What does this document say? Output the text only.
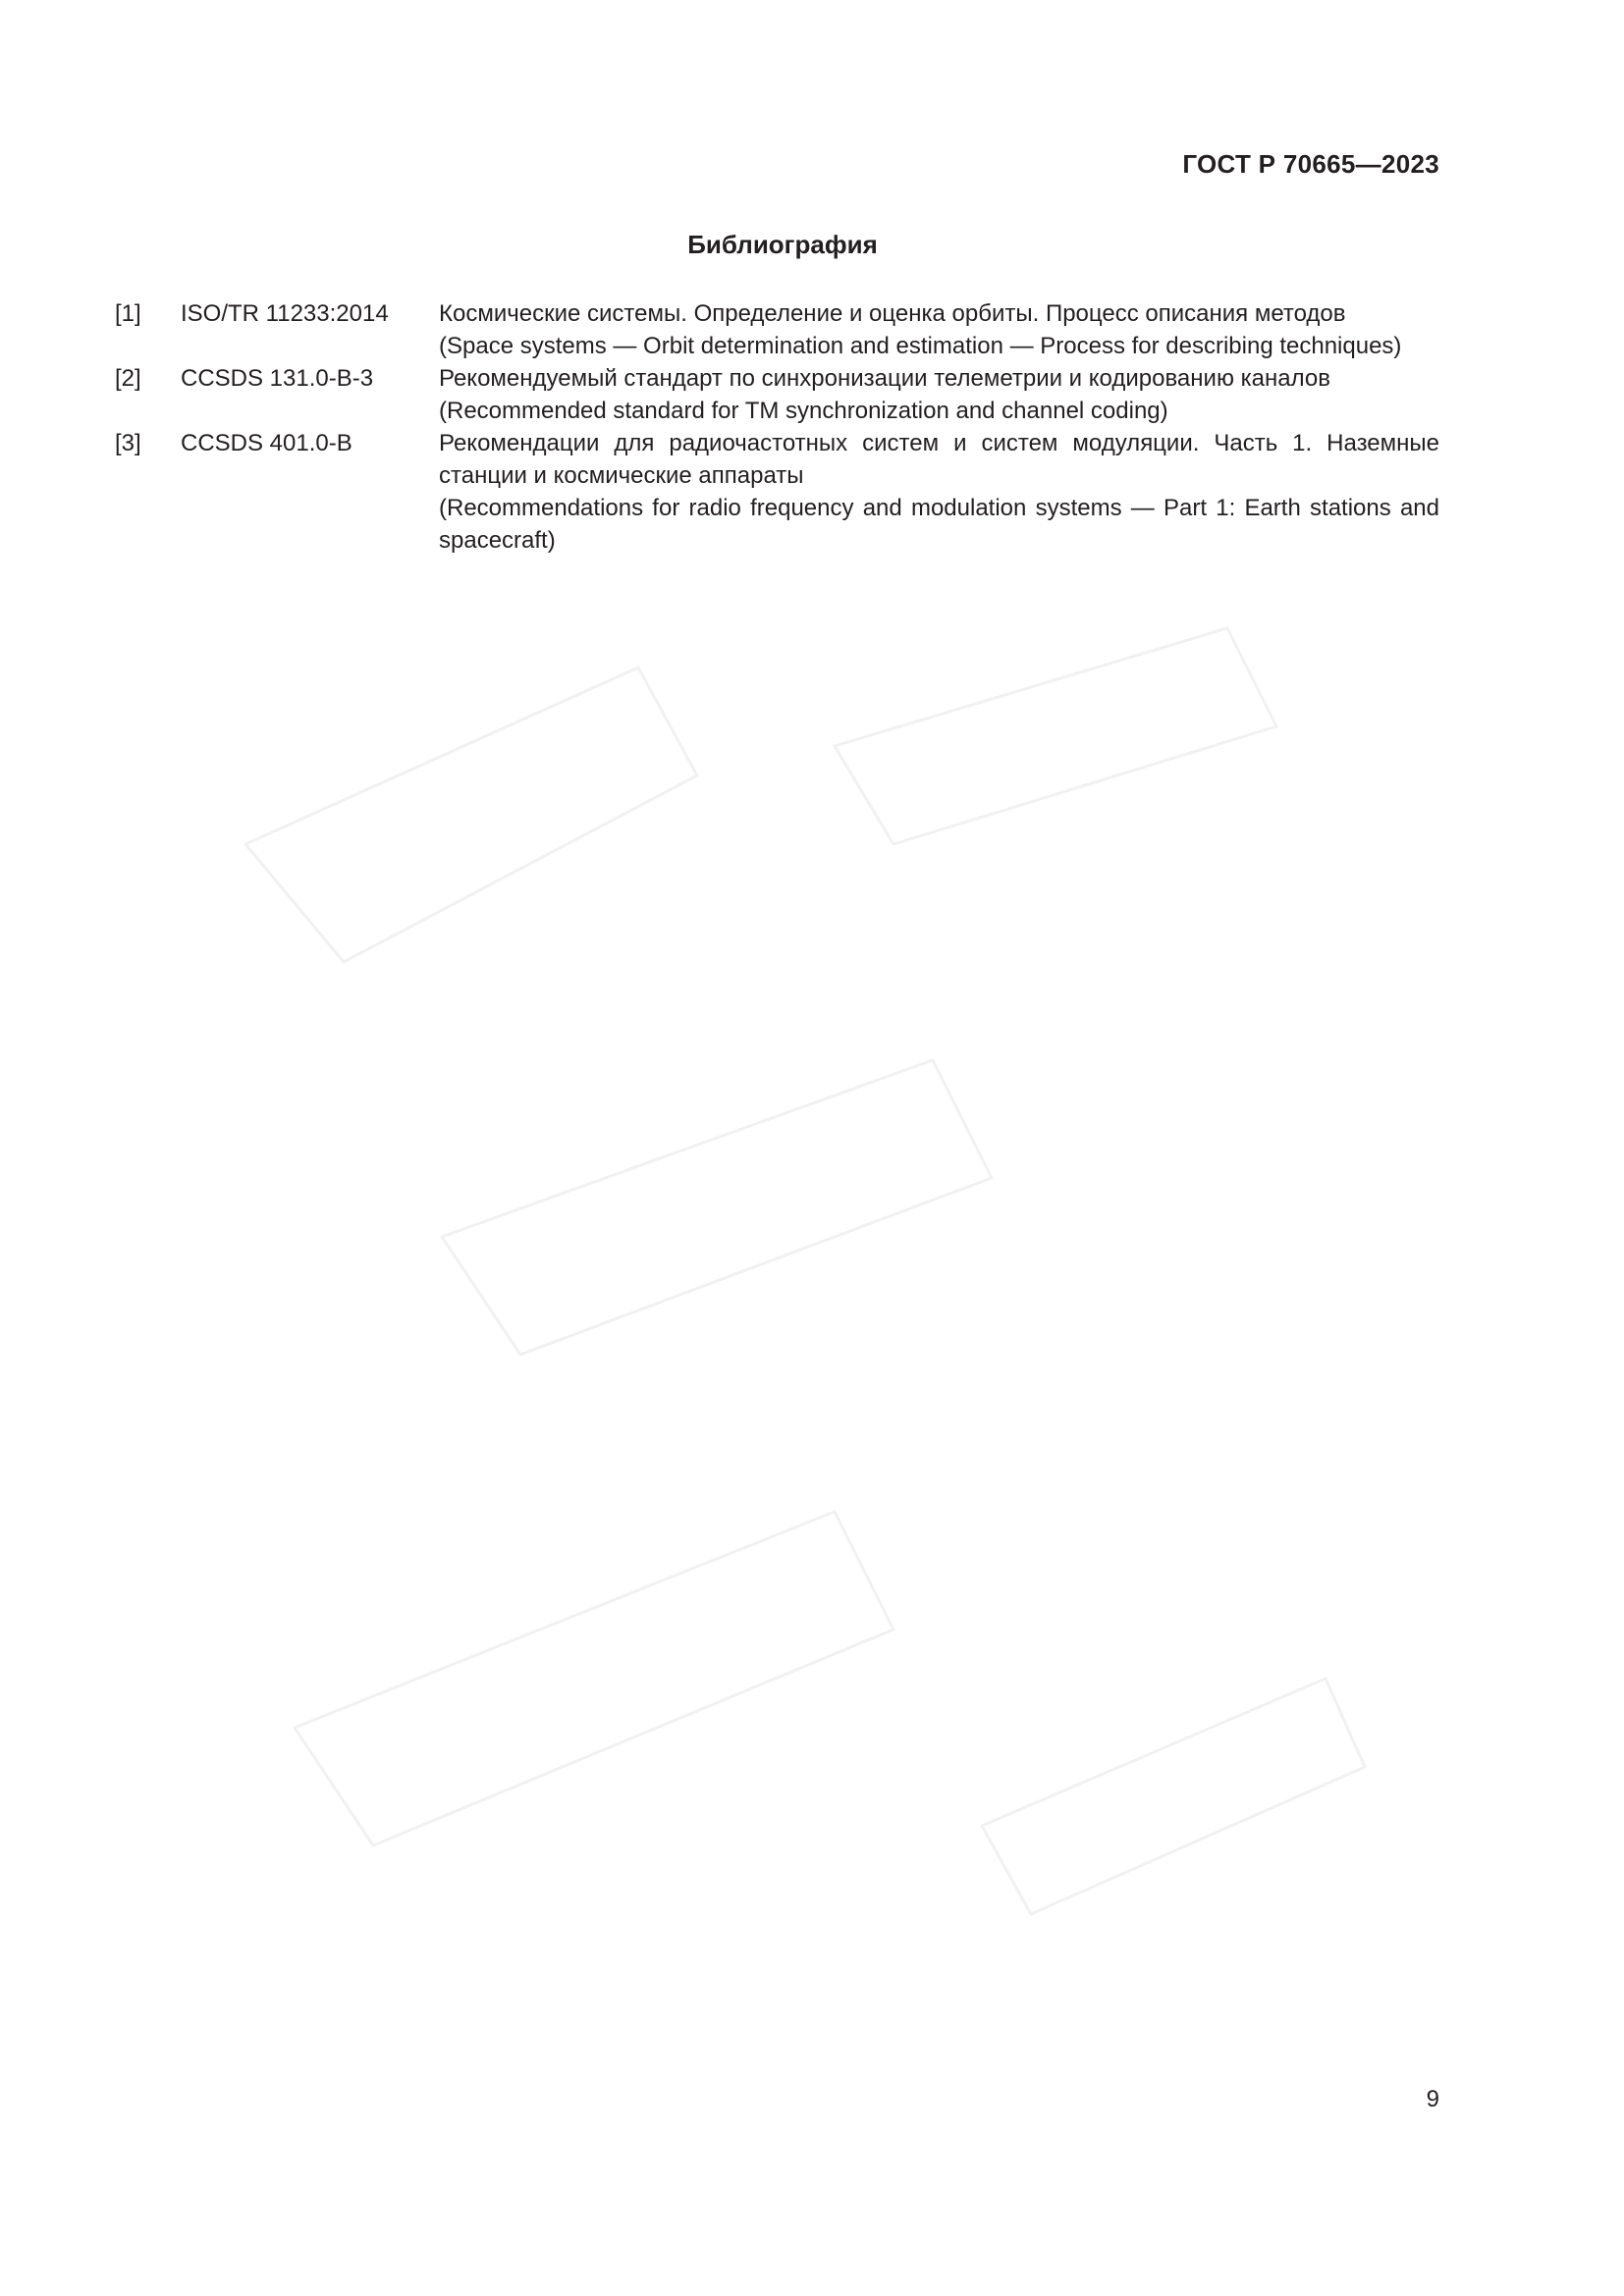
ГОСТ Р 70665—2023
Библиография
[1]	ISO/TR 11233:2014	Космические системы. Определение и оценка орбиты. Процесс описания методов
(Space systems — Orbit determination and estimation — Process for describing techniques)
[2]	CCSDS 131.0-B-3	Рекомендуемый стандарт по синхронизации телеметрии и кодированию каналов
(Recommended standard for TM synchronization and channel coding)
[3]	CCSDS 401.0-B	Рекомендации для радиочастотных систем и систем модуляции. Часть 1. Наземные станции и космические аппараты
(Recommendations for radio frequency and modulation systems — Part 1: Earth stations and spacecraft)
9
